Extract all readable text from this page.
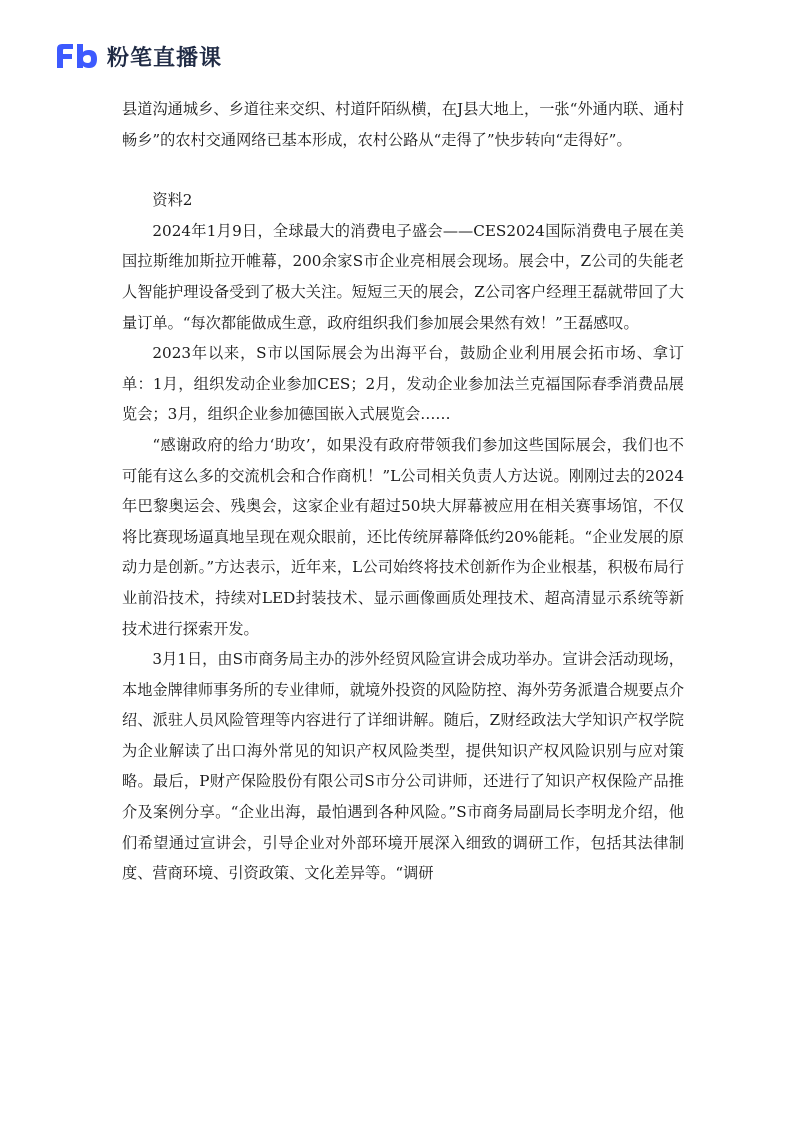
粉笔直播课

县道沟通城乡、乡道往来交织、村道阡陌纵横，在J县大地上，一张“外通内联、通村畅乡”的农村交通网络已基本形成，农村公路从“走得了”快步转向“走得好”。

资料2

2024年1月9日，全球最大的消费电子盛会——CES2024国际消费电子展在美国拉斯维加斯拉开帷幕，200余家S市企业亮相展会现场。展会中，Z公司的失能老人智能护理设备受到了极大关注。短短三天的展会，Z公司客户经理王磊就带回了大量订单。“每次都能做成生意，政府组织我们参加展会果然有效！”王磊感叹。

2023年以来，S市以国际展会为出海平台，鼓励企业利用展会拓市场、拿订单：1月，组织发动企业参加CES；2月，发动企业参加法兰克福国际春季消费品展览会；3月，组织企业参加德国嵌入式展览会……

“感谢政府的给力‘助攻’，如果没有政府带领我们参加这些国际展会，我们也不可能有这么多的交流机会和合作商机！”L公司相关负责人方达说。刚刚过去的2024年巴黎奥运会、残奥会，这家企业有超过50块大屏幕被应用在相关赛事场馆，不仅将比赛现场逼真地呈现在观众眼前，还比传统屏幕降低约20%能耗。“企业发展的原动力是创新。”方达表示，近年来，L公司始终将技术创新作为企业根基，积极布局行业前沿技术，持续对LED封装技术、显示画像画质处理技术、超高清显示系统等新技术进行探索开发。

3月1日，由S市商务局主办的涉外经贸风险宣讲会成功举办。宣讲会活动现场，本地金牌律师事务所的专业律师，就境外投资的风险防控、海外劳务派遣合规要点介绍、派驻人员风险管理等内容进行了详细讲解。随后，Z财经政法大学知识产权学院为企业解读了出口海外常见的知识产权风险类型，提供知识产权风险识别与应对策略。最后，P财产保险股份有限公司S市分公司讲师，还进行了知识产权保险产品推介及案例分享。“企业出海，最怕遇到各种风险。”S市商务局副局长李明龙介绍，他们希望通过宣讲会，引导企业对外部环境开展深入细致的调研工作，包括其法律制度、营商环境、引资政策、文化差异等。“调研
